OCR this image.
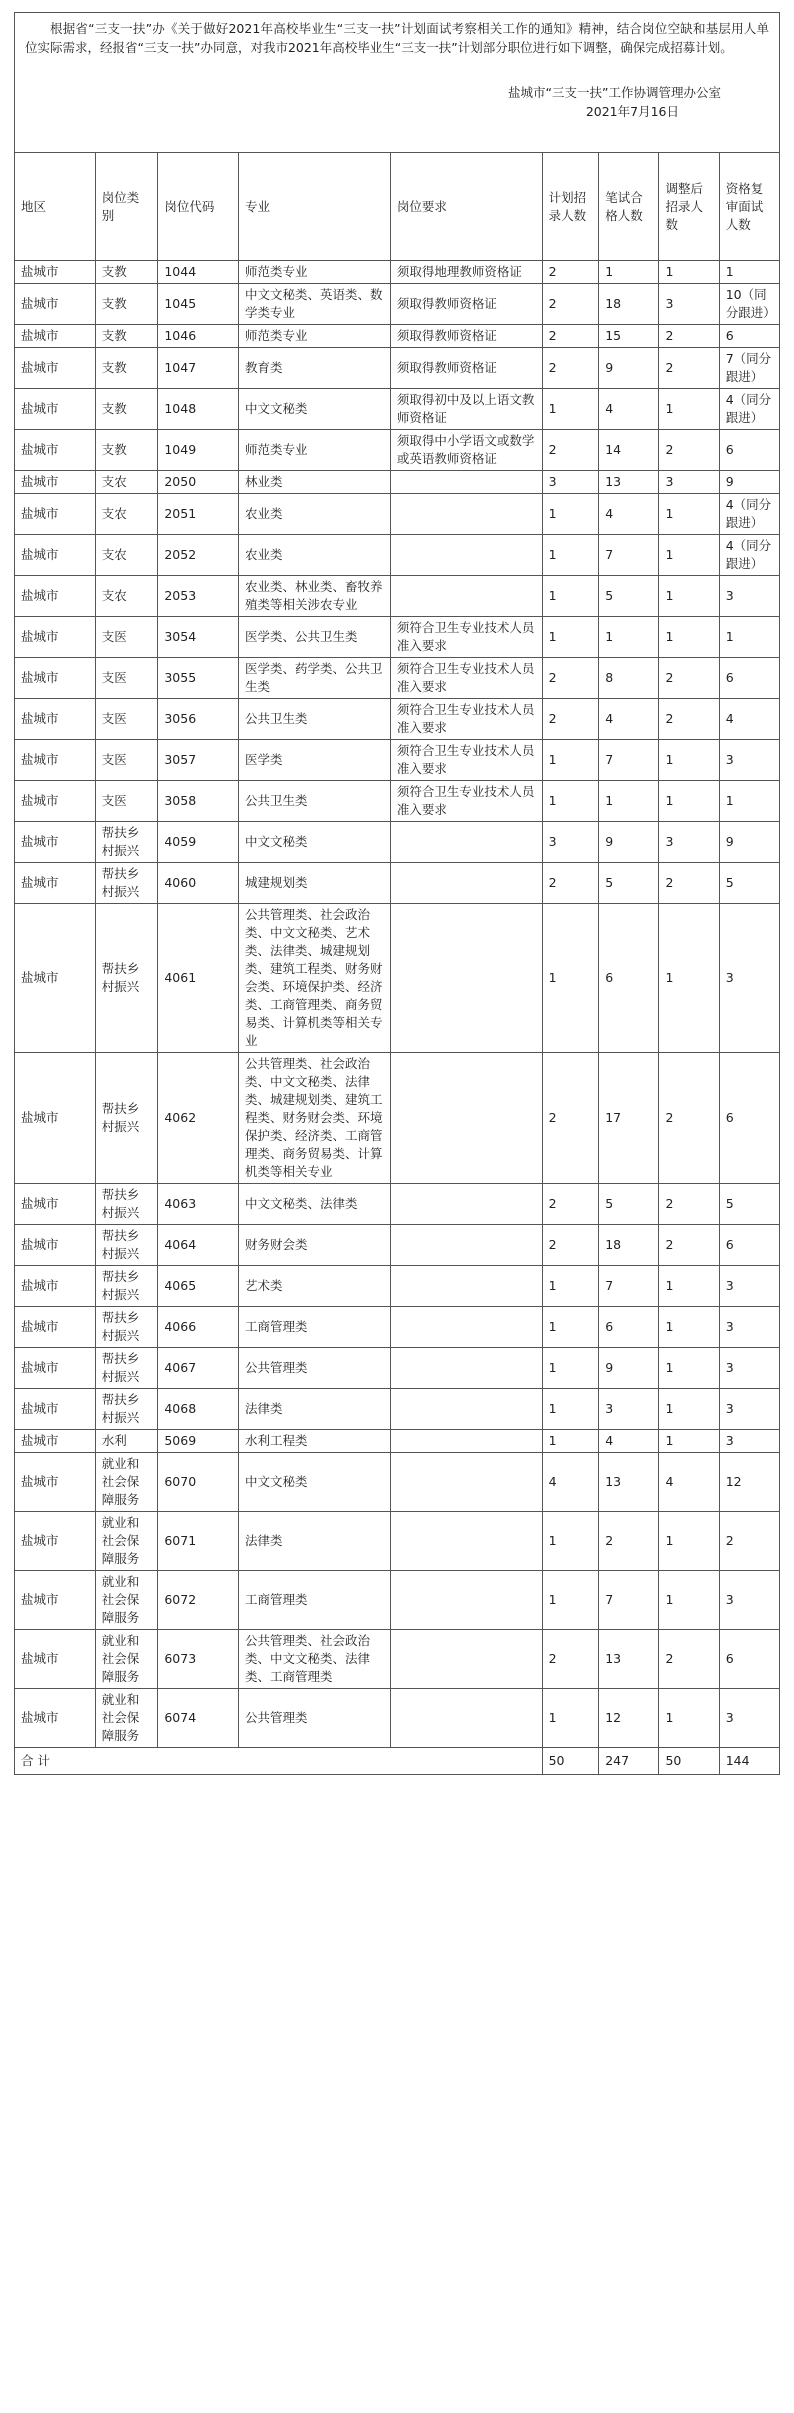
根据省“三支一扶”办《关于做好2021年高校毕业生“三支一扶”计划面试考察相关工作的通知》精神，结合岗位空缺和基层用人单位实际需求，经报省“三支一扶”办同意，对我市2021年高校毕业生“三支一扶”计划部分职位进行如下调整，确保完成招募计划。

盐城市“三支一扶”工作协调管理办公室
2021年7月16日
地区	岗位类别	岗位代码	专业	岗位要求	计划招录人数	笔试合格人数	调整后招录人数	资格复审面试人数
盐城市	支教	1044	师范类专业	须取得地理教师资格证	2	1	1	1
盐城市	支教	1045	中文文秘类、英语类、数学类专业	须取得教师资格证	2	18	3	10（同分跟进）
盐城市	支教	1046	师范类专业	须取得教师资格证	2	15	2	6
盐城市	支教	1047	教育类	须取得教师资格证	2	9	2	7（同分跟进）
盐城市	支教	1048	中文文秘类	须取得初中及以上语文教师资格证	1	4	1	4（同分跟进）
盐城市	支教	1049	师范类专业	须取得中小学语文或数学或英语教师资格证	2	14	2	6
盐城市	支农	2050	林业类		3	13	3	9
盐城市	支农	2051	农业类		1	4	1	4（同分跟进）
盐城市	支农	2052	农业类		1	7	1	4（同分跟进）
盐城市	支农	2053	农业类、林业类、畜牧养殖类等相关涉农专业		1	5	1	3
盐城市	支医	3054	医学类、公共卫生类	须符合卫生专业技术人员准入要求	1	1	1	1
盐城市	支医	3055	医学类、药学类、公共卫生类	须符合卫生专业技术人员准入要求	2	8	2	6
盐城市	支医	3056	公共卫生类	须符合卫生专业技术人员准入要求	2	4	2	4
盐城市	支医	3057	医学类	须符合卫生专业技术人员准入要求	1	7	1	3
盐城市	支医	3058	公共卫生类	须符合卫生专业技术人员准入要求	1	1	1	1
盐城市	帮扶乡村振兴	4059	中文文秘类		3	9	3	9
盐城市	帮扶乡村振兴	4060	城建规划类		2	5	2	5
盐城市	帮扶乡村振兴	4061	公共管理类、社会政治类、中文文秘类、艺术类、法律类、城建规划类、建筑工程类、财务财会类、环境保护类、经济类、工商管理类、商务贸易类、计算机类等相关专业		1	6	1	3
盐城市	帮扶乡村振兴	4062	公共管理类、社会政治类、中文文秘类、法律类、城建规划类、建筑工程类、财务财会类、环境保护类、经济类、工商管理类、商务贸易类、计算机类等相关专业		2	17	2	6
盐城市	帮扶乡村振兴	4063	中文文秘类、法律类		2	5	2	5
盐城市	帮扶乡村振兴	4064	财务财会类		2	18	2	6
盐城市	帮扶乡村振兴	4065	艺术类		1	7	1	3
盐城市	帮扶乡村振兴	4066	工商管理类		1	6	1	3
盐城市	帮扶乡村振兴	4067	公共管理类		1	9	1	3
盐城市	帮扶乡村振兴	4068	法律类		1	3	1	3
盐城市	水利	5069	水利工程类		1	4	1	3
盐城市	就业和社会保障服务	6070	中文文秘类		4	13	4	12
盐城市	就业和社会保障服务	6071	法律类		1	2	1	2
盐城市	就业和社会保障服务	6072	工商管理类		1	7	1	3
盐城市	就业和社会保障服务	6073	公共管理类、社会政治类、中文文秘类、法律类、工商管理类		2	13	2	6
盐城市	就业和社会保障服务	6074	公共管理类		1	12	1	3
合 计					50	247	50	144
